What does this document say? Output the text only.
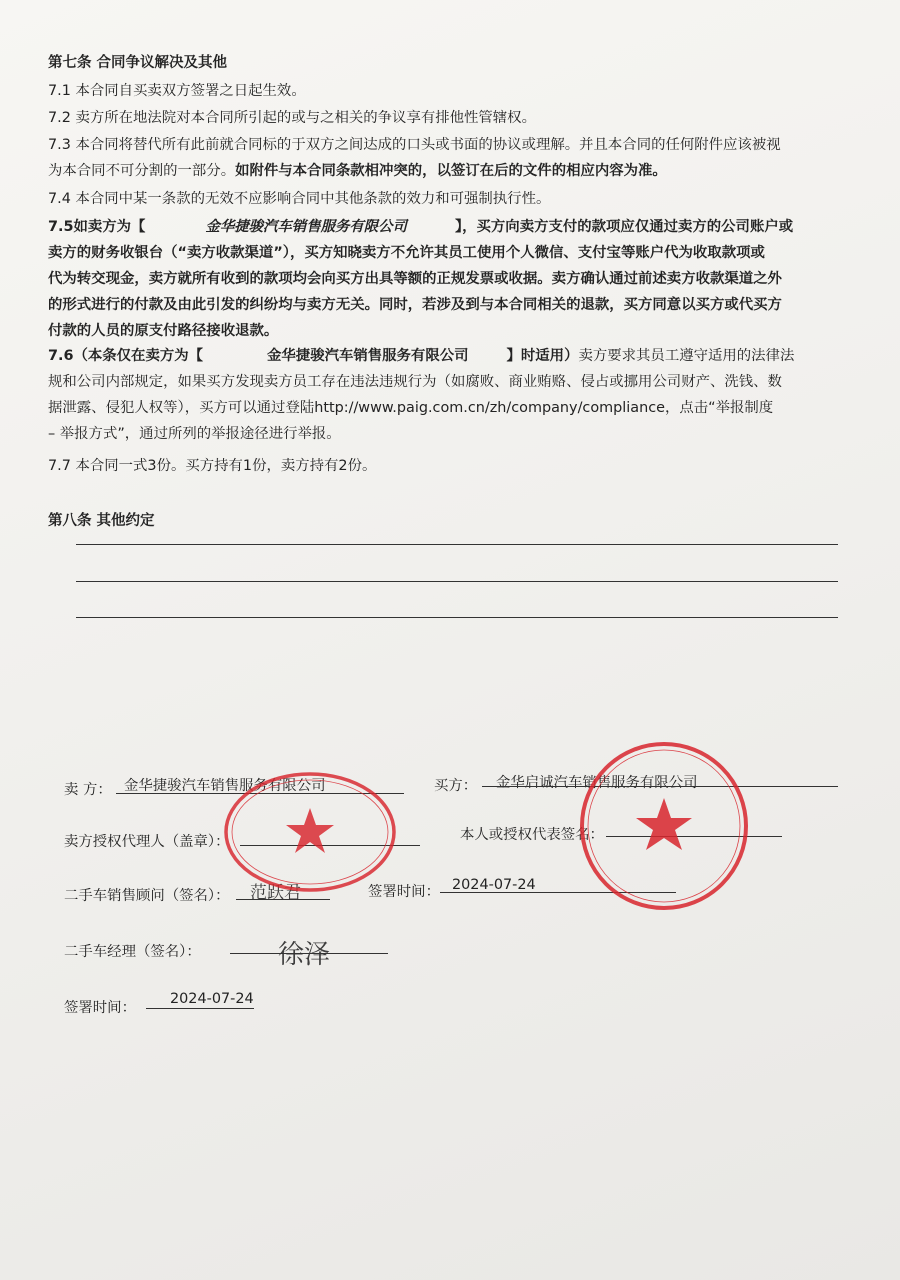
第七条 合同争议解决及其他
7.1 本合同自买卖双方签署之日起生效。
7.2 卖方所在地法院对本合同所引起的或与之相关的争议享有排他性管辖权。
7.3 本合同将替代所有此前就合同标的于双方之间达成的口头或书面的协议或理解。并且本合同的任何附件应该被视
为本合同不可分割的一部分。如附件与本合同条款相冲突的，以签订在后的文件的相应内容为准。
7.4 本合同中某一条款的无效不应影响合同中其他条款的效力和可强制执行性。
7.5如卖方为【	金华捷骏汽车销售服务有限公司	】，买方向卖方支付的款项应仅通过卖方的公司账户或
卖方的财务收银台（“卖方收款渠道”），买方知晓卖方不允许其员工使用个人微信、支付宝等账户代为收取款项或
代为转交现金，卖方就所有收到的款项均会向买方出具等额的正规发票或收据。卖方确认通过前述卖方收款渠道之外
的形式进行的付款及由此引发的纠纷均与卖方无关。同时，若涉及到与本合同相关的退款，买方同意以买方或代买方
付款的人员的原支付路径接收退款。
7.6（本条仅在卖方为【	金华捷骏汽车销售服务有限公司	】时适用）卖方要求其员工遵守适用的法律法
规和公司内部规定，如果买方发现卖方员工存在违法违规行为（如腐败、商业贿赂、侵占或挪用公司财产、洗钱、数
据泄露、侵犯人权等），买方可以通过登陆http://www.paig.com.cn/zh/company/compliance，点击“举报制度
– 举报方式”，通过所列的举报途径进行举报。
7.7 本合同一式3份。买方持有1份，卖方持有2份。
第八条 其他约定
卖 方： 金华捷骏汽车销售服务有限公司	买方： 金华启诚汽车销售服务有限公司
卖方授权代理人（盖章）：	本人或授权代表签名：
二手车销售顾问（签名）： 范跃君	签署时间： 2024-07-24
二手车经理（签名）：	徐泽
签署时间：
2024-07-24
